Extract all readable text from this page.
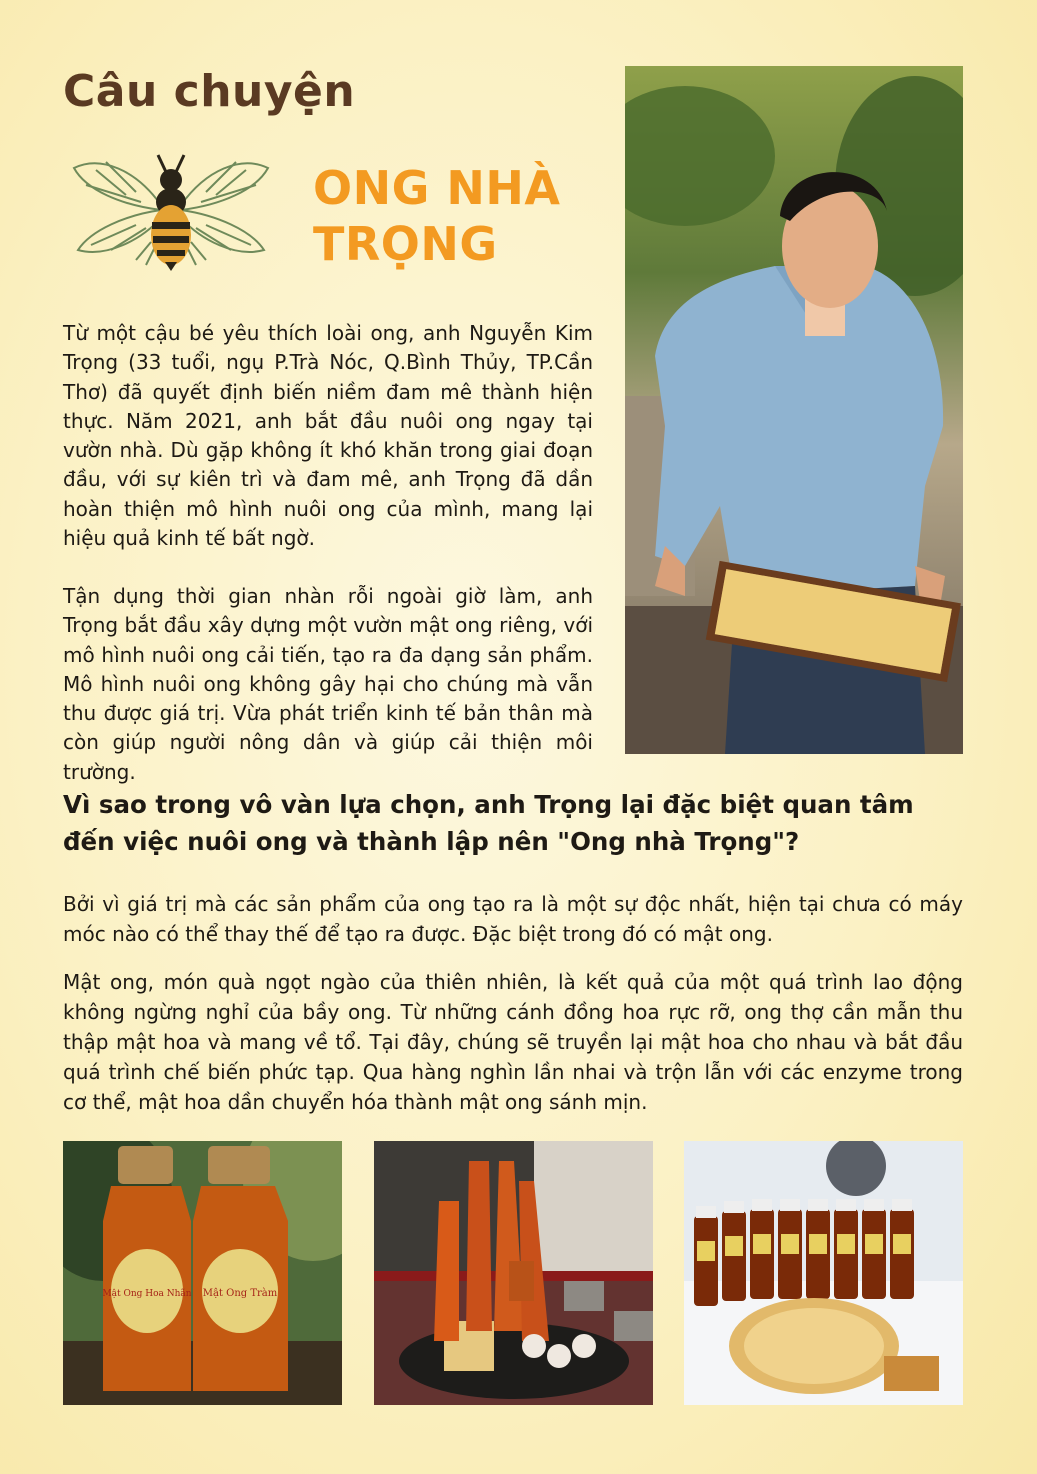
Câu chuyện
ONG NHÀ
TRỌNG

Từ một cậu bé yêu thích loài ong, anh Nguyễn Kim Trọng (33 tuổi, ngụ P.Trà Nóc, Q.Bình Thủy, TP.Cần Thơ) đã quyết định biến niềm đam mê thành hiện thực. Năm 2021, anh bắt đầu nuôi ong ngay tại vườn nhà. Dù gặp không ít khó khăn trong giai đoạn đầu, với sự kiên trì và đam mê, anh Trọng đã dần hoàn thiện mô hình nuôi ong của mình, mang lại hiệu quả kinh tế bất ngờ.

Tận dụng thời gian nhàn rỗi ngoài giờ làm, anh Trọng bắt đầu xây dựng một vườn mật ong riêng, với mô hình nuôi ong cải tiến, tạo ra đa dạng sản phẩm. Mô hình nuôi ong không gây hại cho chúng mà vẫn thu được giá trị. Vừa phát triển kinh tế bản thân mà còn giúp người nông dân và giúp cải thiện môi trường.

Vì sao trong vô vàn lựa chọn, anh Trọng lại đặc biệt quan tâm đến việc nuôi ong và thành lập nên "Ong nhà Trọng"?

Bởi vì giá trị mà các sản phẩm của ong tạo ra là một sự độc nhất, hiện tại chưa có máy móc nào có thể thay thế để tạo ra được. Đặc biệt trong đó có mật ong.

Mật ong, món quà ngọt ngào của thiên nhiên, là kết quả của một quá trình lao động không ngừng nghỉ của bầy ong. Từ những cánh đồng hoa rực rỡ, ong thợ cần mẫn thu thập mật hoa và mang về tổ. Tại đây, chúng sẽ truyền lại mật hoa cho nhau và bắt đầu quá trình chế biến phức tạp. Qua hàng nghìn lần nhai và trộn lẫn với các enzyme trong cơ thể, mật hoa dần chuyển hóa thành mật ong sánh mịn.

Mật Ong Hoa Nhãn Mật Ong Tràm
